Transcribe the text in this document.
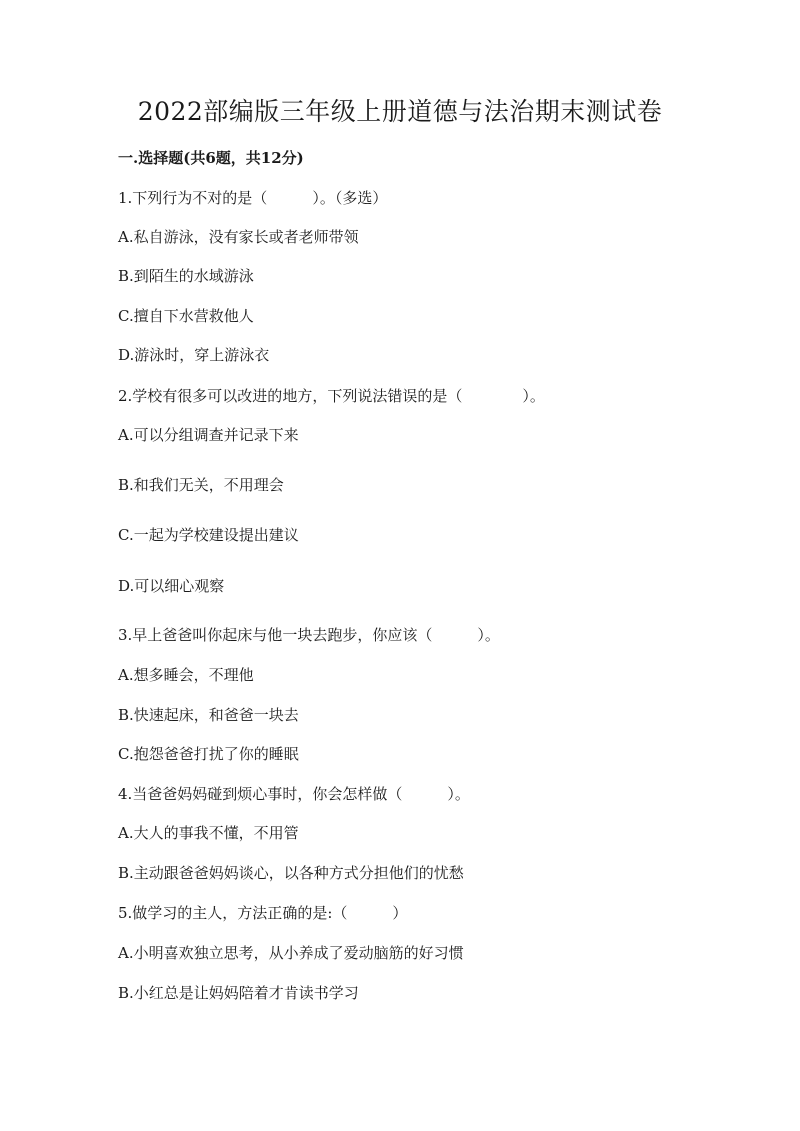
2022部编版三年级上册道德与法治期末测试卷
一.选择题(共6题，共12分)
1.下列行为不对的是（　　　）。（多选）
A.私自游泳，没有家长或者老师带领
B.到陌生的水域游泳
C.擅自下水营救他人
D.游泳时，穿上游泳衣
2.学校有很多可以改进的地方，下列说法错误的是（　　　　）。
A.可以分组调查并记录下来
B.和我们无关，不用理会
C.一起为学校建设提出建议
D.可以细心观察
3.早上爸爸叫你起床与他一块去跑步，你应该（　　　）。
A.想多睡会，不理他
B.快速起床，和爸爸一块去
C.抱怨爸爸打扰了你的睡眠
4.当爸爸妈妈碰到烦心事时，你会怎样做（　　　）。
A.大人的事我不懂，不用管
B.主动跟爸爸妈妈谈心，以各种方式分担他们的忧愁
5.做学习的主人，方法正确的是:（　　　）
A.小明喜欢独立思考，从小养成了爱动脑筋的好习惯
B.小红总是让妈妈陪着才肯读书学习
